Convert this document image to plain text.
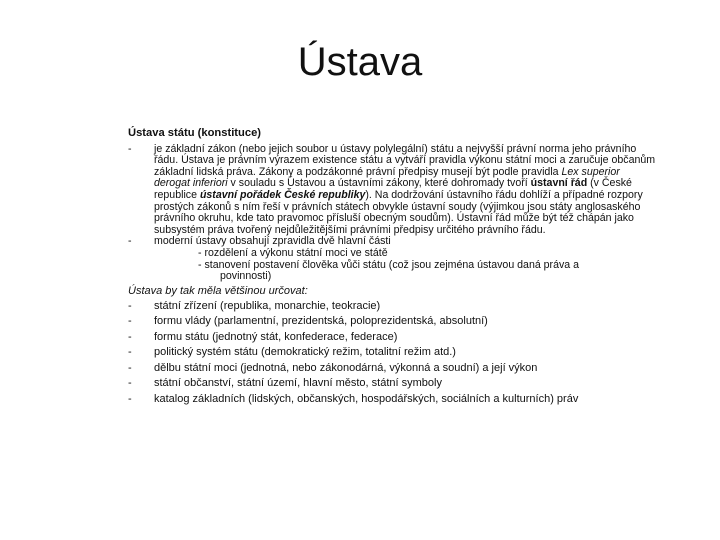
Ústava
Ústava státu (konstituce)
- je základní zákon (nebo jejich soubor u ústavy polylegální) státu a nejvyšší právní norma jeho právního řádu. Ústava je právním výrazem existence státu a vytváří pravidla výkonu státní moci a zaručuje občanům základní lidská práva. Zákony a podzákonné právní předpisy musejí být podle pravidla Lex superior derogat inferiori v souladu s Ústavou a ústavními zákony, které dohromady tvoří ústavní řád (v České republice ústavní pořádek České republiky). Na dodržování ústavního řádu dohlíží a případné rozpory prostých zákonů s ním řeší v právních státech obvykle ústavní soudy (výjimkou jsou státy anglosaského právního okruhu, kde tato pravomoc přísluší obecným soudům). Ústavní řád může být též chápán jako subsystém práva tvořený nejdůležitějšími právními předpisy určitého právního řádu.
- moderní ústavy obsahují zpravidla dvě hlavní části
- rozdělení a výkonu státní moci ve státě
- stanovení postavení člověka vůči státu (což jsou zejména ústavou daná práva a
povinnosti)
Ústava by tak měla většinou určovat:
- státní zřízení (republika, monarchie, teokracie)
- formu vlády (parlamentní, prezidentská, poloprezidentská, absolutní)
- formu státu (jednotný stát, konfederace, federace)
- politický systém státu (demokratický režim, totalitní režim atd.)
- dělbu státní moci (jednotná, nebo zákonodárná, výkonná a soudní) a její výkon
- státní občanství, státní území, hlavní město, státní symboly
- katalog základních (lidských, občanských, hospodářských, sociálních a kulturních) práv
